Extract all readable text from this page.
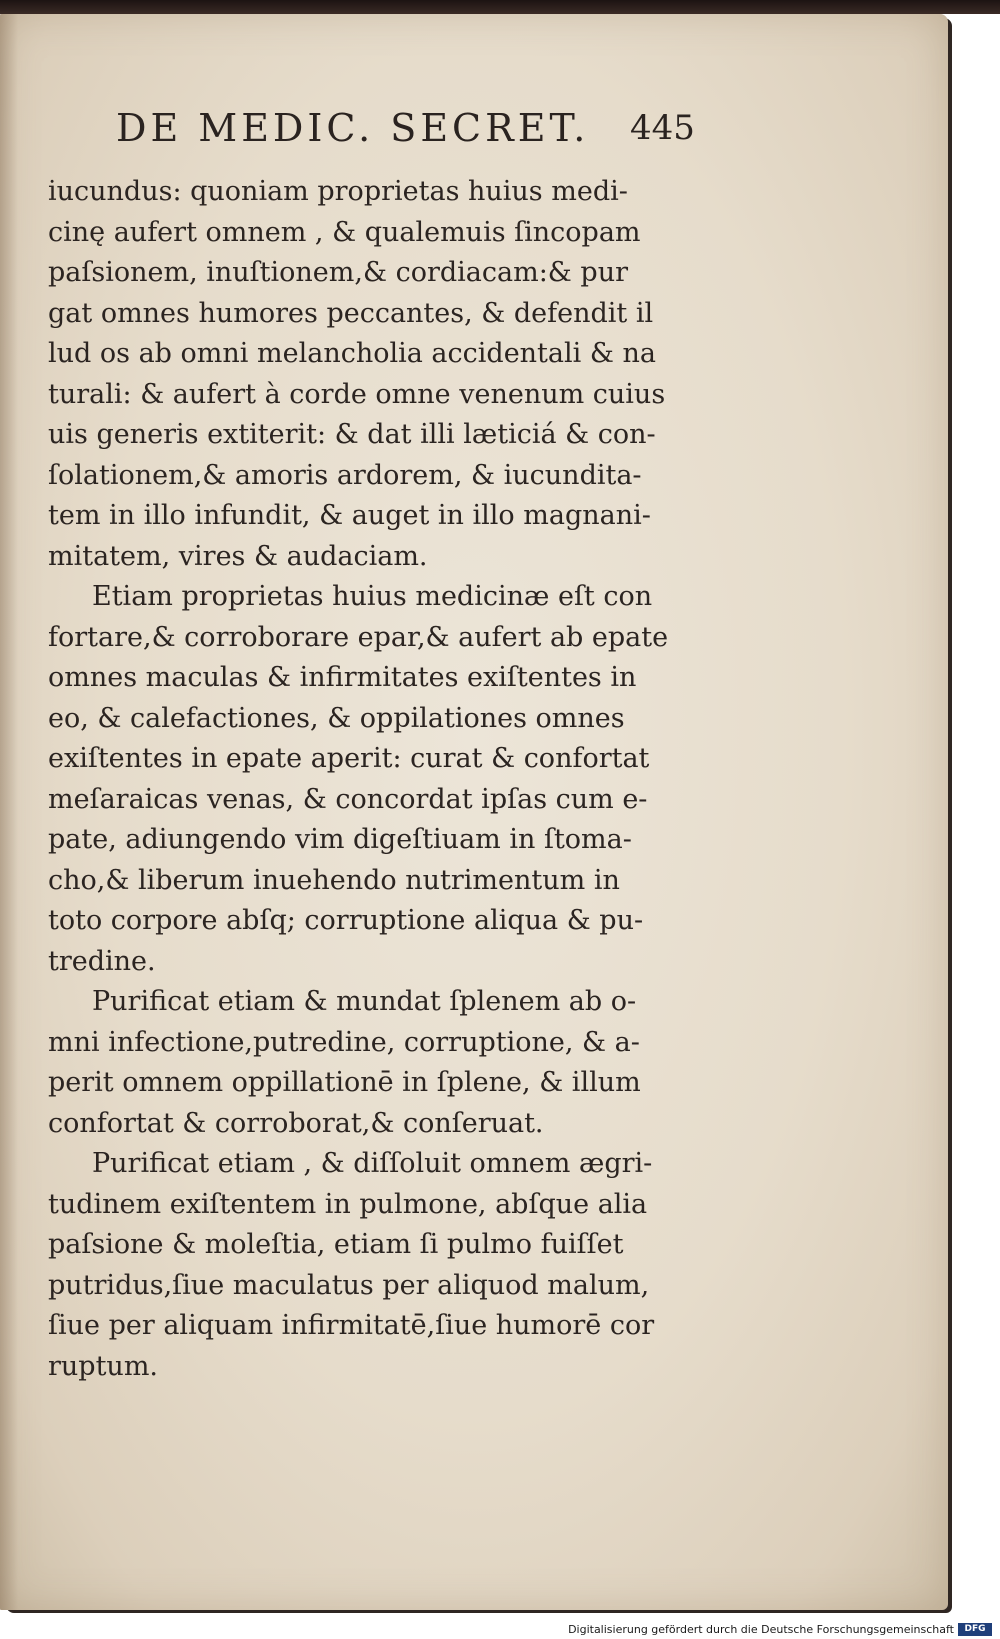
DE MEDIC. SECRET. 445
iucundus: quoniam proprietas huius medi-
cinę aufert omnem , & qualemuis ſincopam
paſsionem, inuſtionem,& cordiacam:& pur
gat omnes humores peccantes, & defendit il
lud os ab omni melancholia accidentali & na
turali: & aufert à corde omne venenum cuius
uis generis extiterit: & dat illi læticiá & con-
ſolationem,& amoris ardorem, & iucundita-
tem in illo infundit, & auget in illo magnani-
mitatem, vires & audaciam.
Etiam proprietas huius medicinæ eſt con
fortare,& corroborare epar,& aufert ab epate
omnes maculas & infirmitates exiſtentes in
eo, & calefactiones, & oppilationes omnes
exiſtentes in epate aperit: curat & confortat
meſaraicas venas, & concordat ipſas cum e-
pate, adiungendo vim digeſtiuam in ſtoma-
cho,& liberum inuehendo nutrimentum in
toto corpore abſq; corruptione aliqua & pu-
tredine.
Purificat etiam & mundat ſplenem ab o-
mni infectione,putredine, corruptione, & a-
perit omnem oppillationē in ſplene, & illum
confortat & corroborat,& conſeruat.
Purificat etiam , & diſſoluit omnem ægri-
tudinem exiſtentem in pulmone, abſque alia
paſsione & moleſtia, etiam ſi pulmo fuiſſet
putridus,ſiue maculatus per aliquod malum,
ſiue per aliquam infirmitatē,ſiue humorē cor
ruptum.
Digitalisierung gefördert durch die Deutsche Forschungsgemeinschaft	DFG
